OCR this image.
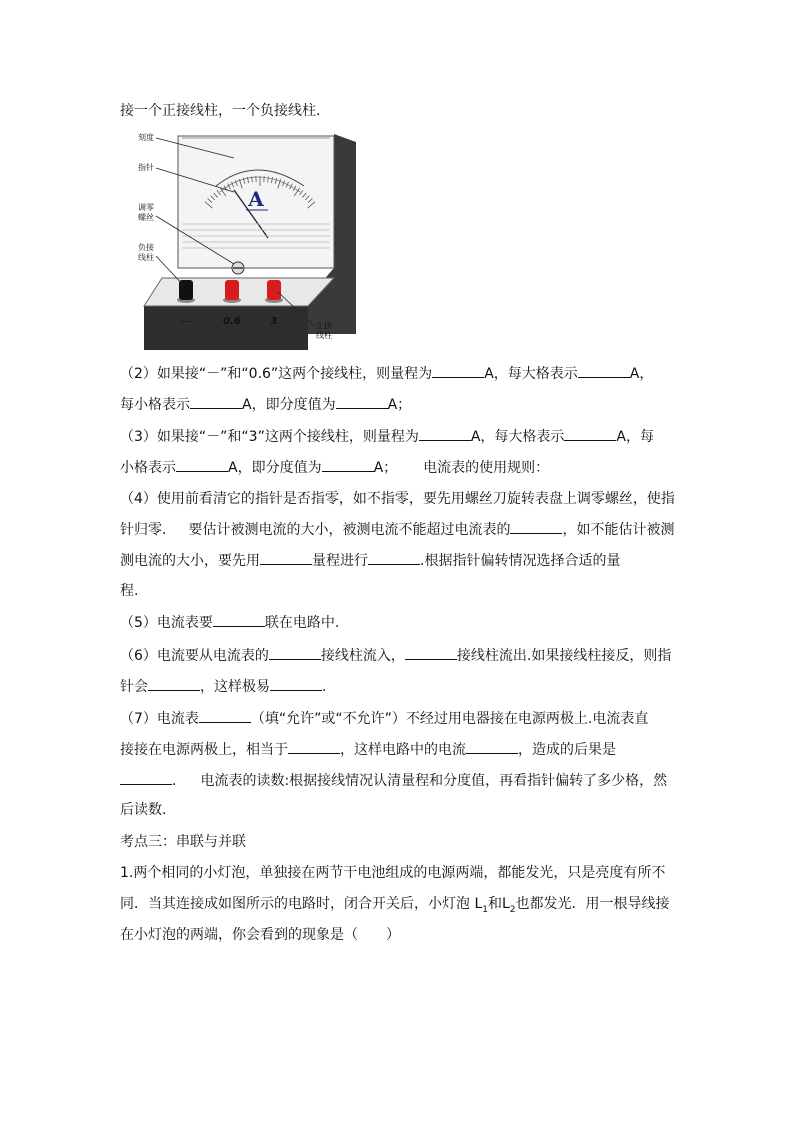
接一个正接线柱，一个负接线柱.
A
—	0.6	3
刻度
指针
调零
螺丝
负接
线柱
正接
线柱
（2）如果接“－”和“0.6”这两个接线柱，则量程为	A，每大格表示	A，
每小格表示	A，即分度值为	A；
（3）如果接“－”和“3”这两个接线柱，则量程为	A，每大格表示	A，每
小格表示	A，即分度值为	A； 电流表的使用规则：
（4）使用前看清它的指针是否指零，如不指零，要先用螺丝刀旋转表盘上调零螺丝，使指
针归零. 要估计被测电流的大小，被测电流不能超过电流表的	，如不能估计被测
测电流的大小，要先用	量程进行	.根据指针偏转情况选择合适的量
程.
（5）电流表要	联在电路中.
（6）电流要从电流表的	接线柱流入，	接线柱流出.如果接线柱接反，则指
针会	，这样极易	.
（7）电流表	（填“允许”或“不允许”）不经过用电器接在电源两极上.电流表直
接接在电源两极上，相当于	，这样电路中的电流	，造成的后果是
. 电流表的读数:根据接线情况认清量程和分度值，再看指针偏转了多少格，然
后读数.
考点三：串联与并联
1.两个相同的小灯泡，单独接在两节干电池组成的电源两端，都能发光，只是亮度有所不
同．当其连接成如图所示的电路时，闭合开关后，小灯泡 $L_1$和$L_2$也都发光．用一根导线接
在小灯泡的两端，你会看到的现象是（　　）
